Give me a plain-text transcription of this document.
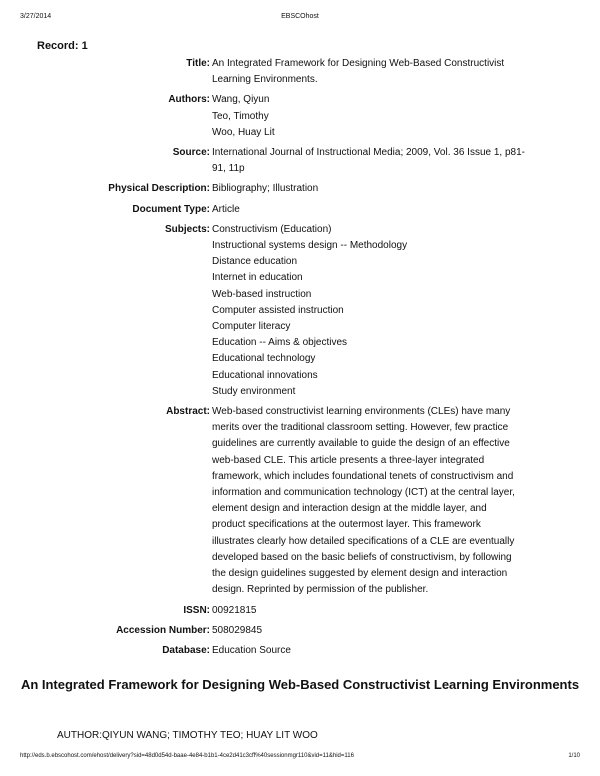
3/27/2014	EBSCOhost
Record: 1
Title: An Integrated Framework for Designing Web-Based Constructivist
Learning Environments.
Authors: Wang, Qiyun
Teo, Timothy
Woo, Huay Lit
Source: International Journal of Instructional Media; 2009, Vol. 36 Issue 1, p81-
91, 11p
Physical Description: Bibliography; Illustration
Document Type: Article
Subjects: Constructivism (Education)
Instructional systems design -- Methodology
Distance education
Internet in education
Web-based instruction
Computer assisted instruction
Computer literacy
Education -- Aims & objectives
Educational technology
Educational innovations
Study environment
Abstract: Web-based constructivist learning environments (CLEs) have many
merits over the traditional classroom setting. However, few practice
guidelines are currently available to guide the design of an effective
web-based CLE. This article presents a three-layer integrated
framework, which includes foundational tenets of constructivism and
information and communication technology (ICT) at the central layer,
element design and interaction design at the middle layer, and
product specifications at the outermost layer. This framework
illustrates clearly how detailed specifications of a CLE are eventually
developed based on the basic beliefs of constructivism, by following
the design guidelines suggested by element design and interaction
design. Reprinted by permission of the publisher.
ISSN: 00921815
Accession Number: 508029845
Database: Education Source
An Integrated Framework for Designing Web-Based Constructivist Learning Environments
AUTHOR:QIYUN WANG; TIMOTHY TEO; HUAY LIT WOO
http://eds.b.ebscohost.com/ehost/delivery?sid=48d0d54d-baae-4e84-b1b1-4ce2d41c3cff%40sessionmgr110&vid=11&hid=116	1/10
